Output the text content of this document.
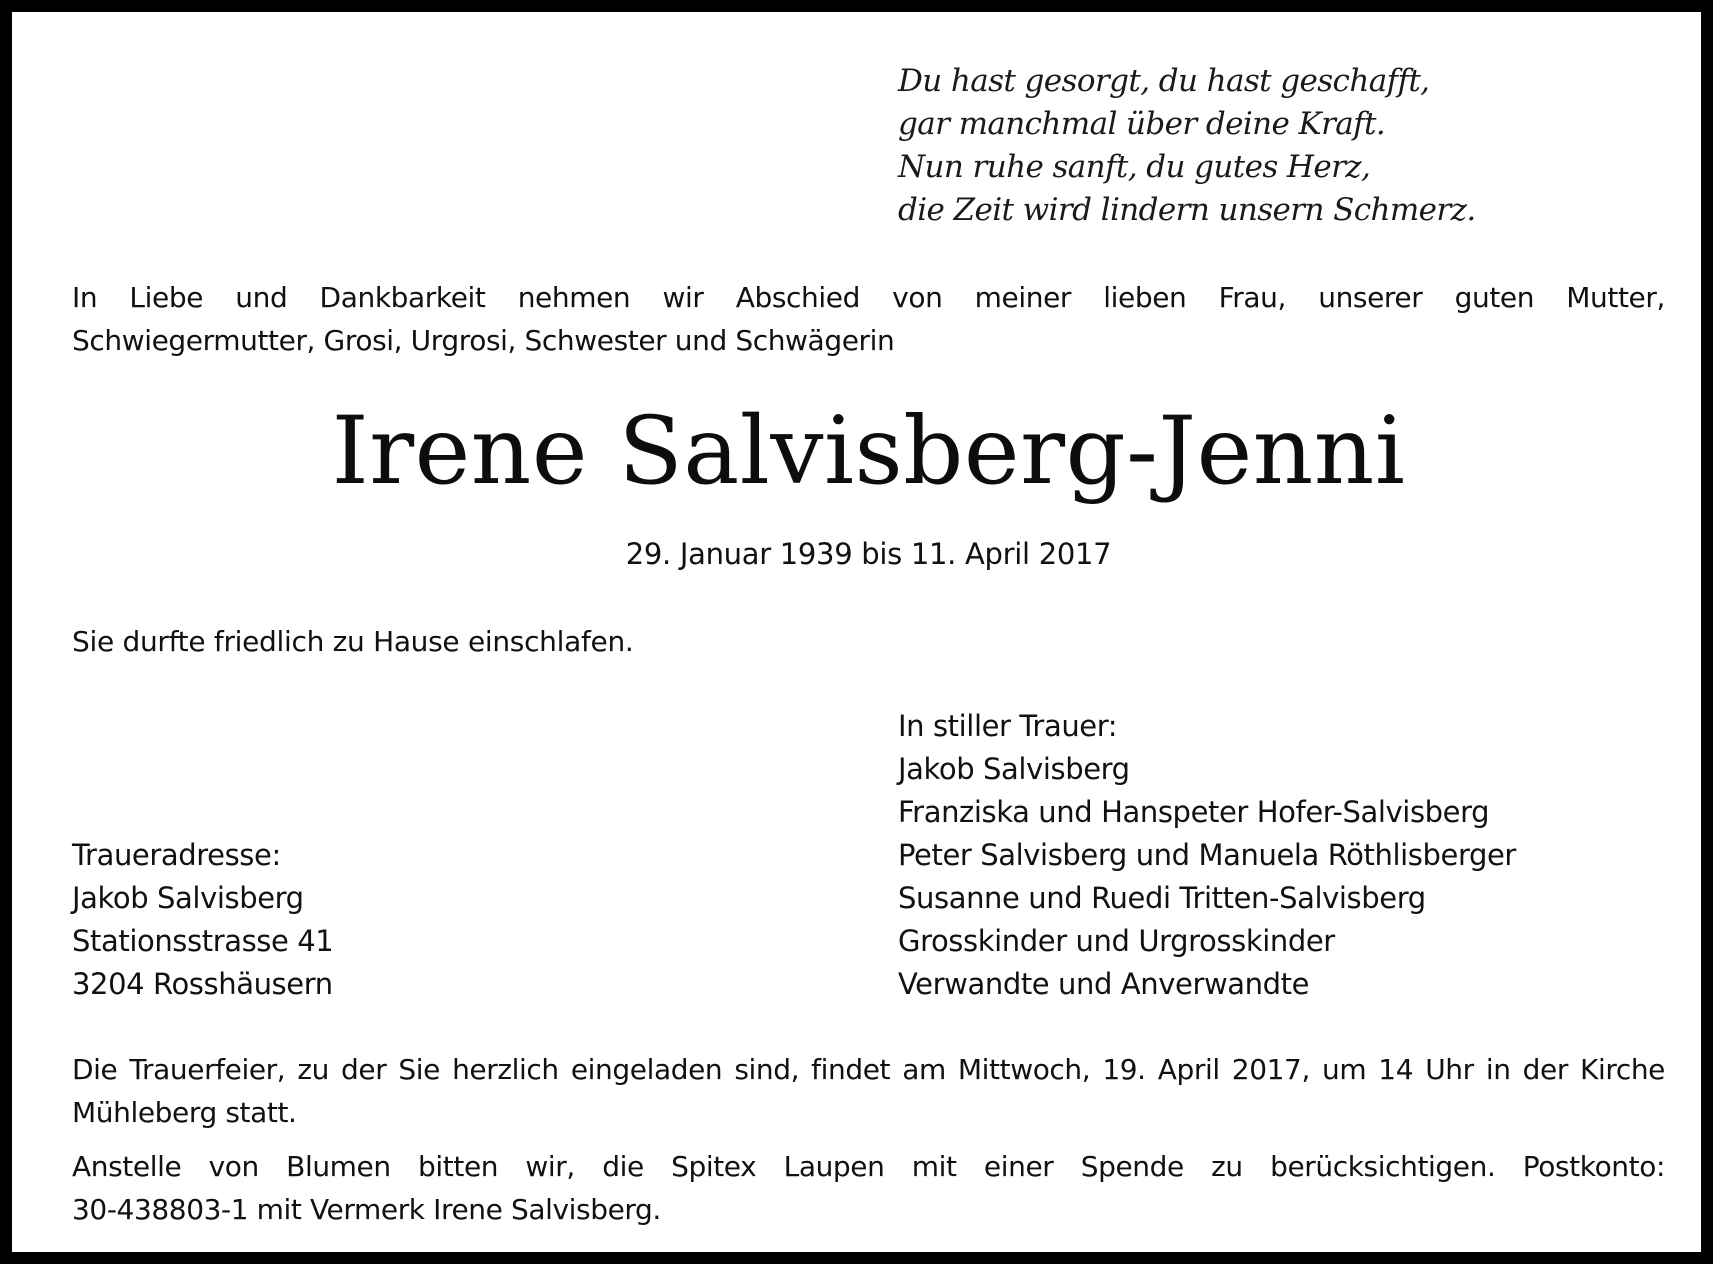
Du hast gesorgt, du hast geschafft,
gar manchmal über deine Kraft.
Nun ruhe sanft, du gutes Herz,
die Zeit wird lindern unsern Schmerz.
In Liebe und Dankbarkeit nehmen wir Abschied von meiner lieben Frau, unserer guten Mutter,
Schwiegermutter, Grosi, Urgrosi, Schwester und Schwägerin
Irene Salvisberg-Jenni
29. Januar 1939 bis 11. April 2017
Sie durfte friedlich zu Hause einschlafen.
In stiller Trauer:
Jakob Salvisberg
Franziska und Hanspeter Hofer-Salvisberg
Peter Salvisberg und Manuela Röthlisberger
Susanne und Ruedi Tritten-Salvisberg
Grosskinder und Urgrosskinder
Verwandte und Anverwandte
Traueradresse:
Jakob Salvisberg
Stationsstrasse 41
3204 Rosshäusern
Die Trauerfeier, zu der Sie herzlich eingeladen sind, findet am Mittwoch, 19. April 2017, um 14 Uhr in der Kirche
Mühleberg statt.
Anstelle von Blumen bitten wir, die Spitex Laupen mit einer Spende zu berücksichtigen. Postkonto:
30-438803-1 mit Vermerk Irene Salvisberg.
